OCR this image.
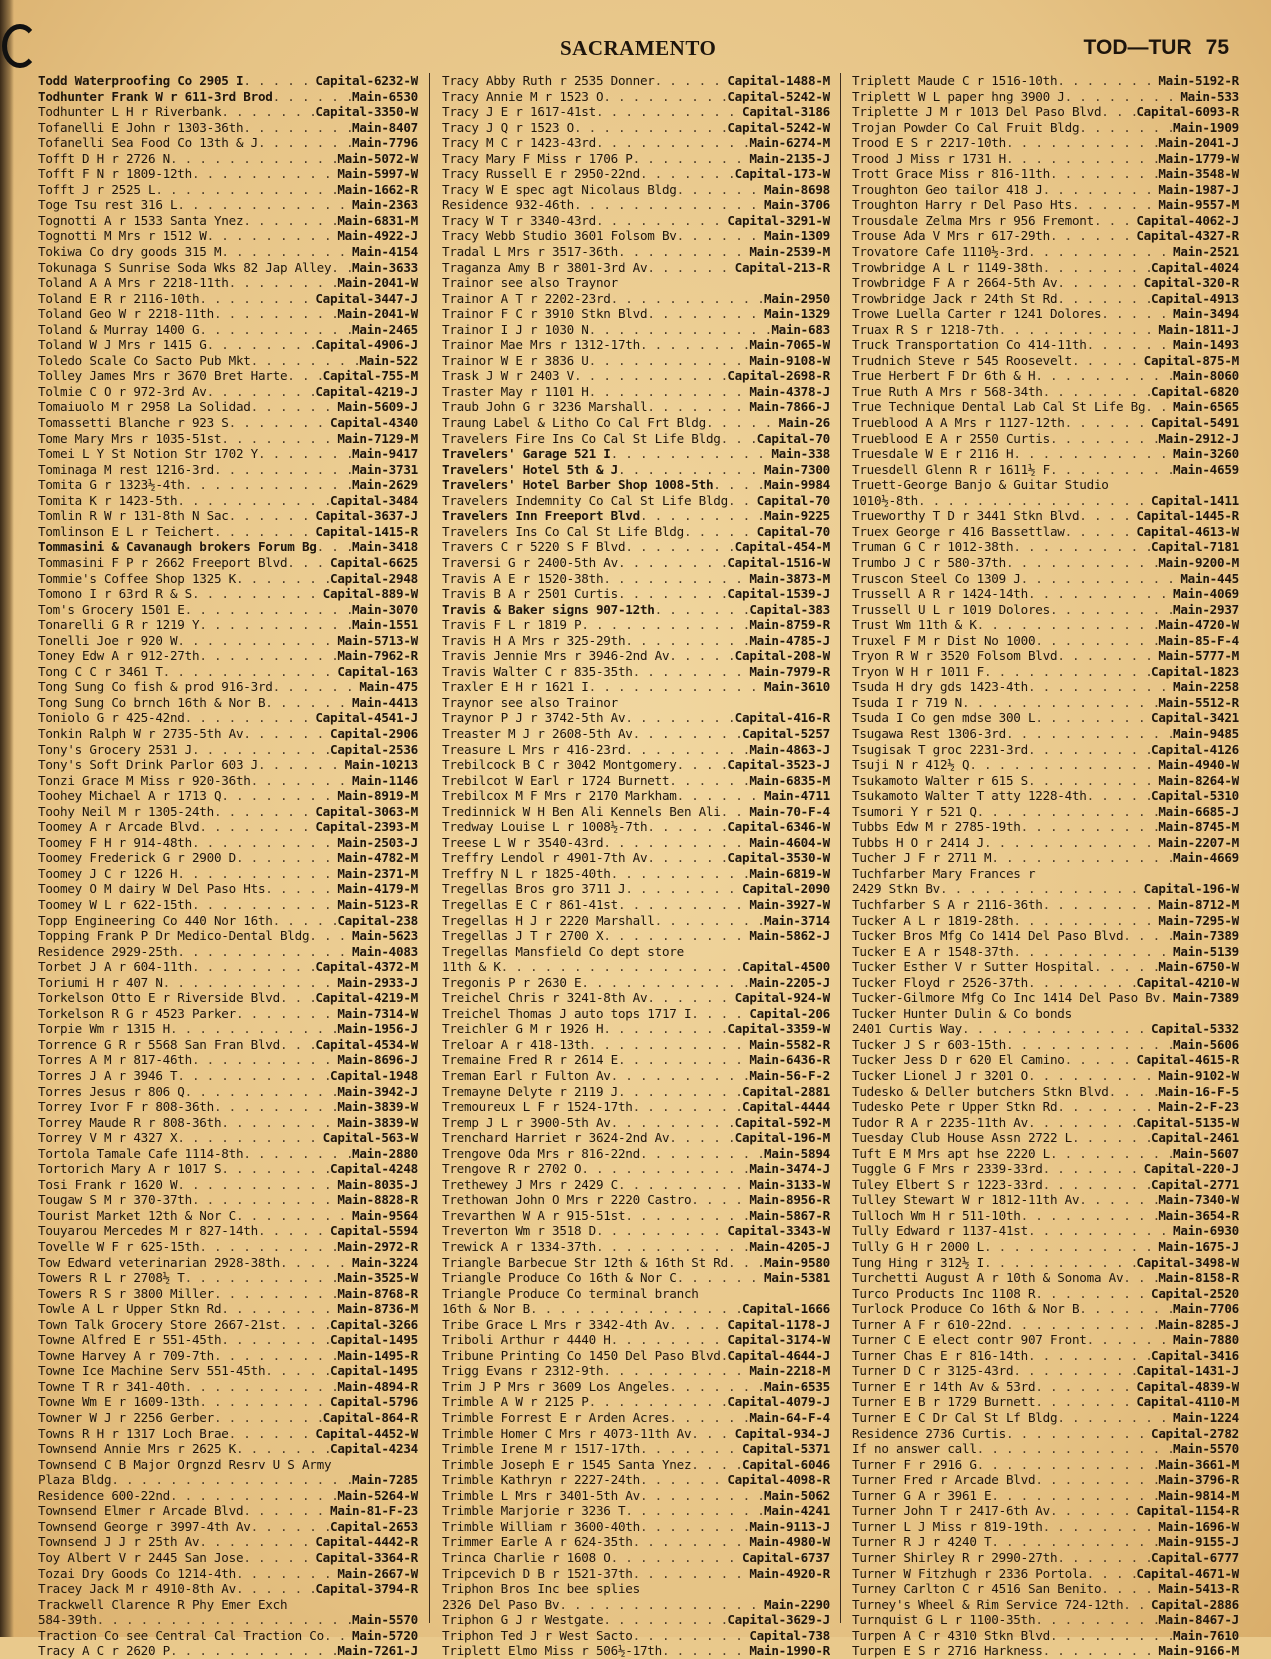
SACRAMENTO	TOD—TUR 75
Todd Waterproofing Co 2905 I . . .	Capital-6232-W
Todhunter Frank W r 611-3rd Brod . . .	Main-6530
Todhunter L H r Riverbank . . .	Capital-3350-W
Tofanelli E John r 1303-36th . . .	Main-8407
Tofanelli Sea Food Co 13th & J . . .	Main-7796
Tofft D H r 2726 N . . .	Main-5072-W
Tofft F N r 1809-12th . . .	Main-5997-W
Tofft J r 2525 L . . .	Main-1662-R
Toge Tsu rest 316 L . . .	Main-2363
Tognotti A r 1533 Santa Ynez . . .	Main-6831-M
Tognotti M Mrs r 1512 W . . .	Main-4922-J
Tokiwa Co dry goods 315 M . . .	Main-4154
Tokunaga S Sunrise Soda Wks 82 Jap Alley . . . Main-3633
Toland A A Mrs r 2218-11th . . .	Main-2041-W
Toland E R r 2116-10th . . .	Capital-3447-J
Toland Geo W r 2218-11th . . .	Main-2041-W
Toland & Murray 1400 G . . .	Main-2465
Toland W J Mrs r 1415 G . . .	Capital-4906-J
Toledo Scale Co Sacto Pub Mkt . . .	Main-522
Tolley James Mrs r 3670 Bret Harte . . .	Capital-755-M
Tolmie C O r 972-3rd Av . . .	Capital-4219-J
Tomaiuolo M r 2958 La Solidad . . .	Main-5609-J
Tomassetti Blanche r 923 S . . .	Capital-4340
Tome Mary Mrs r 1035-51st . . .	Main-7129-M
Tomei L Y St Notion Str 1702 Y . . .	Main-9417
Tominaga M rest 1216-3rd . . .	Main-3731
Tomita G r 1323½-4th . . .	Main-2629
Tomita K r 1423-5th . . .	Capital-3484
Tomlin R W r 131-8th N Sac . . .	Capital-3637-J
Tomlinson E L r Teichert . . .	Capital-1415-R
Tommasini & Cavanaugh brokers Forum Bg . . .	Main-3418
Tommasini F P r 2662 Freeport Blvd . . .	Capital-6625
Tommie's Coffee Shop 1325 K . . .	Capital-2948
Tomono I r 63rd R & S . . .	Capital-889-W
Tom's Grocery 1501 E . . .	Main-3070
Tonarelli G R r 1219 Y . . .	Main-1551
Tonelli Joe r 920 W . . .	Main-5713-W
Toney Edw A r 912-27th . . .	Main-7962-R
Tong C C r 3461 T . . .	Capital-163
Tong Sung Co fish & prod 916-3rd . . .	Main-475
Tong Sung Co brnch 16th & Nor B . . .	Main-4413
Toniolo G r 425-42nd . . .	Capital-4541-J
Tonkin Ralph W r 2735-5th Av . . .	Capital-2906
Tony's Grocery 2531 J . . .	Capital-2536
Tony's Soft Drink Parlor 603 J . . .	Main-10213
Tonzi Grace M Miss r 920-36th . . .	Main-1146
Toohey Michael A r 1713 Q . . .	Main-8919-M
Toohy Neil M r 1305-24th . . .	Capital-3063-M
Toomey A r Arcade Blvd . . .	Capital-2393-M
Toomey F H r 914-48th . . .	Main-2503-J
Toomey Frederick G r 2900 D . . .	Main-4782-M
Toomey J C r 1226 H . . .	Main-2371-M
Toomey O M dairy W Del Paso Hts . . .	Main-4179-M
Toomey W L r 622-15th . . .	Main-5123-R
Topp Engineering Co 440 Nor 16th . . .	Capital-238
Topping Frank P Dr Medico-Dental Bldg . . .	Main-5623
Residence 2929-25th . . .	Main-4083
Torbet J A r 604-11th . . .	Capital-4372-M
Toriumi H r 407 N . . .	Main-2933-J
Torkelson Otto E r Riverside Blvd . . .	Capital-4219-M
Torkelson R G r 4523 Parker . . .	Main-7314-W
Torpie Wm r 1315 H . . .	Main-1956-J
Torrence G R r 5568 San Fran Blvd . . .	Capital-4534-W
Torres A M r 817-46th . . .	Main-8696-J
Torres J A r 3946 T . . .	Capital-1948
Torres Jesus r 806 Q . . .	Main-3942-J
Torrey Ivor F r 808-36th . . .	Main-3839-W
Torrey Maude R r 808-36th . . .	Main-3839-W
Torrey V M r 4327 X . . .	Capital-563-W
Tortola Tamale Cafe 1114-8th . . .	Main-2880
Tortorich Mary A r 1017 S . . .	Capital-4248
Tosi Frank r 1620 W . . .	Main-8035-J
Tougaw S M r 370-37th . . .	Main-8828-R
Tourist Market 12th & Nor C . . .	Main-9564
Touyarou Mercedes M r 827-14th . . .	Capital-5594
Tovelle W F r 625-15th . . .	Main-2972-R
Tow Edward veterinarian 2928-38th . . .	Main-3224
Towers R L r 2708½ T . . .	Main-3525-W
Towers R S r 3800 Miller . . .	Main-8768-R
Towle A L r Upper Stkn Rd . . .	Main-8736-M
Town Talk Grocery Store 2667-21st . . .	Capital-3266
Towne Alfred E r 551-45th . . .	Capital-1495
Towne Harvey A r 709-7th . . .	Main-1495-R
Towne Ice Machine Serv 551-45th . . .	Capital-1495
Towne T R r 341-40th . . .	Main-4894-R
Towne Wm E r 1609-13th . . .	Capital-5796
Towner W J r 2256 Gerber . . .	Capital-864-R
Towns R H r 1317 Loch Brae . . .	Capital-4452-W
Townsend Annie Mrs r 2625 K . . .	Capital-4234
Townsend C B Major Orgnzd Resrv U S Army
Plaza Bldg . . .	Main-7285
Residence 600-22nd . . .	Main-5264-W
Townsend Elmer r Arcade Blvd . . .	Main-81-F-23
Townsend George r 3997-4th Av . . .	Capital-2653
Townsend J J r 25th Av . . .	Capital-4442-R
Toy Albert V r 2445 San Jose . . .	Capital-3364-R
Tozai Dry Goods Co 1214-4th . . .	Main-2667-W
Tracey Jack M r 4910-8th Av . . .	Capital-3794-R
Trackwell Clarence R Phy Emer Exch
584-39th . . .	Main-5570
Traction Co see Central Cal Traction Co . . . Main-5720
Tracy A C r 2620 P . . .	Main-7261-J
Tracy Abby Ruth r 2535 Donner . . .	Capital-1488-M
Tracy Annie M r 1523 O . . .	Capital-5242-W
Tracy J E r 1617-41st . . .	Capital-3186
Tracy J Q r 1523 O . . .	Capital-5242-W
Tracy M C r 1423-43rd . . .	Main-6274-M
Tracy Mary F Miss r 1706 P . . .	Main-2135-J
Tracy Russell E r 2950-22nd . . .	Capital-173-W
Tracy W E spec agt Nicolaus Bldg . . .	Main-8698
Residence 932-46th . . .	Main-3706
Tracy W T r 3340-43rd . . .	Capital-3291-W
Tracy Webb Studio 3601 Folsom Bv . . .	Main-1309
Tradal L Mrs r 3517-36th . . .	Main-2539-M
Traganza Amy B r 3801-3rd Av . . .	Capital-213-R
Trainor see also Traynor
Trainor A T r 2202-23rd . . .	Main-2950
Trainor F C r 3910 Stkn Blvd . . .	Main-1329
Trainor I J r 1030 N . . .	Main-683
Trainor Mae Mrs r 1312-17th . . .	Main-7065-W
Trainor W E r 3836 U . . .	Main-9108-W
Trask J W r 2403 V . . .	Capital-2698-R
Traster May r 1101 H . . .	Main-4378-J
Traub John G r 3236 Marshall . . .	Main-7866-J
Traung Label & Litho Co Cal Frt Bldg . . .	Main-26
Travelers Fire Ins Co Cal St Life Bldg . . .	Capital-70
Travelers' Garage 521 I . . .	Main-338
Travelers' Hotel 5th & J . . .	Main-7300
Travelers' Hotel Barber Shop 1008-5th . . .	Main-9984
Travelers Indemnity Co Cal St Life Bldg . . . Capital-70
Travelers Inn Freeport Blvd . . .	Main-9225
Travelers Ins Co Cal St Life Bldg . . .	Capital-70
Travers C r 5220 S F Blvd . . .	Capital-454-M
Traversi G r 2400-5th Av . . .	Capital-1516-W
Travis A E r 1520-38th . . .	Main-3873-M
Travis B A r 2501 Curtis . . .	Capital-1539-J
Travis & Baker signs 907-12th . . .	Capital-383
Travis F L r 1819 P . . .	Main-8759-R
Travis H A Mrs r 325-29th . . .	Main-4785-J
Travis Jennie Mrs r 3946-2nd Av . . .	Capital-208-W
Travis Walter C r 835-35th . . .	Main-7979-R
Traxler E H r 1621 I . . .	Main-3610
Traynor see also Trainor
Traynor P J r 3742-5th Av . . .	Capital-416-R
Treaster M J r 2608-5th Av . . .	Capital-5257
Treasure L Mrs r 416-23rd . . .	Main-4863-J
Trebilcock B C r 3042 Montgomery . . .	Capital-3523-J
Trebilcot W Earl r 1724 Burnett . . .	Main-6835-M
Trebilcox M F Mrs r 2170 Markham . . .	Main-4711
Tredinnick W H Ben Ali Kennels Ben Ali . . . Main-70-F-4
Tredway Louise L r 1008½-7th . . .	Capital-6346-W
Treese L W r 3540-43rd . . .	Main-4604-W
Treffry Lendol r 4901-7th Av . . .	Capital-3530-W
Treffry N L r 1825-40th . . .	Main-6819-W
Tregellas Bros gro 3711 J . . .	Capital-2090
Tregellas E C r 861-41st . . .	Main-3927-W
Tregellas H J r 2220 Marshall . . .	Main-3714
Tregellas J T r 2700 X . . .	Main-5862-J
Tregellas Mansfield Co dept store
11th & K . . .	Capital-4500
Tregonis P r 2630 E . . .	Main-2205-J
Treichel Chris r 3241-8th Av . . .	Capital-924-W
Treichel Thomas J auto tops 1717 I . . .	Capital-206
Treichler G M r 1926 H . . .	Capital-3359-W
Treloar A r 418-13th . . .	Main-5582-R
Tremaine Fred R r 2614 E . . .	Main-6436-R
Treman Earl r Fulton Av . . .	Main-56-F-2
Tremayne Delyte r 2119 J . . .	Capital-2881
Tremoureux L F r 1524-17th . . .	Capital-4444
Tremp J L r 3900-5th Av . . .	Capital-592-M
Trenchard Harriet r 3624-2nd Av . . .	Capital-196-M
Trengove Oda Mrs r 816-22nd . . .	Main-5894
Trengove R r 2702 O . . .	Main-3474-J
Trethewey J Mrs r 2429 C . . .	Main-3133-W
Trethowan John O Mrs r 2220 Castro . . .	Main-8956-R
Trevarthen W A r 915-51st . . .	Main-5867-R
Treverton Wm r 3518 D . . .	Capital-3343-W
Trewick A r 1334-37th . . .	Main-4205-J
Triangle Barbecue Str 12th & 16th St Rd . . .	Main-9580
Triangle Produce Co 16th & Nor C . . .	Main-5381
Triangle Produce Co terminal branch
16th & Nor B . . .	Capital-1666
Tribe Grace L Mrs r 3342-4th Av . . .	Capital-1178-J
Triboli Arthur r 4440 H . . .	Capital-3174-W
Tribune Printing Co 1450 Del Paso Blvd . . . Capital-4644-J
Trigg Evans r 2312-9th . . .	Main-2218-M
Trim J P Mrs r 3609 Los Angeles . . .	Main-6535
Trimble A W r 2125 P . . .	Capital-4079-J
Trimble Forrest E r Arden Acres . . .	Main-64-F-4
Trimble Homer C Mrs r 4073-11th Av . . .	Capital-934-J
Trimble Irene M r 1517-17th . . .	Capital-5371
Trimble Joseph E r 1545 Santa Ynez . . .	Capital-6046
Trimble Kathryn r 2227-24th . . .	Capital-4098-R
Trimble L Mrs r 3401-5th Av . . .	Main-5062
Trimble Marjorie r 3236 T . . .	Main-4241
Trimble William r 3600-40th . . .	Main-9113-J
Trimmer Earle A r 624-35th . . .	Main-4980-W
Trinca Charlie r 1608 O . . .	Capital-6737
Tripcevich D B r 1521-37th . . .	Main-4920-R
Triphon Bros Inc bee splies
2326 Del Paso Bv . . .	Main-2290
Triphon G J r Westgate . . .	Capital-3629-J
Triphon Ted J r West Sacto . . .	Capital-738
Triplett Elmo Miss r 506½-17th . . .	Main-1990-R
Triplett Maude C r 1516-10th . . .	Main-5192-R
Triplett W L paper hng 3900 J . . .	Main-533
Triplette J M r 1013 Del Paso Blvd . . .	Capital-6093-R
Trojan Powder Co Cal Fruit Bldg . . .	Main-1909
Trood E S r 2217-10th . . .	Main-2041-J
Trood J Miss r 1731 H . . .	Main-1779-W
Trott Grace Miss r 816-11th . . .	Main-3548-W
Troughton Geo tailor 418 J . . .	Main-1987-J
Troughton Harry r Del Paso Hts . . .	Main-9557-M
Trousdale Zelma Mrs r 956 Fremont . . .	Capital-4062-J
Trouse Ada V Mrs r 617-29th . . .	Capital-4327-R
Trovatore Cafe 1110½-3rd . . .	Main-2521
Trowbridge A L r 1149-38th . . .	Capital-4024
Trowbridge F A r 2664-5th Av . . .	Capital-320-R
Trowbridge Jack r 24th St Rd . . .	Capital-4913
Trowe Luella Carter r 1241 Dolores . . .	Main-3494
Truax R S r 1218-7th . . .	Main-1811-J
Truck Transportation Co 414-11th . . .	Main-1493
Trudnich Steve r 545 Roosevelt . . .	Capital-875-M
True Herbert F Dr 6th & H . . .	Main-8060
True Ruth A Mrs r 568-34th . . .	Capital-6820
True Technique Dental Lab Cal St Life Bg . . . Main-6565
Trueblood A A Mrs r 1127-12th . . .	Capital-5491
Trueblood E A r 2550 Curtis . . .	Main-2912-J
Truesdale W E r 2116 H . . .	Main-3260
Truesdell Glenn R r 1611½ F . . .	Main-4659
Truett-George Banjo & Guitar Studio
1010½-8th . . .	Capital-1411
Trueworthy T D r 3441 Stkn Blvd . . .	Capital-1445-R
Truex George r 416 Bassettlaw . . .	Capital-4613-W
Truman G C r 1012-38th . . .	Capital-7181
Trumbo J C r 580-37th . . .	Main-9200-M
Truscon Steel Co 1309 J . . .	Main-445
Trussell A R r 1424-14th . . .	Main-4069
Trussell U L r 1019 Dolores . . .	Main-2937
Trust Wm 11th & K . . .	Main-4720-W
Truxel F M r Dist No 1000 . . .	Main-85-F-4
Tryon R W r 3520 Folsom Blvd . . .	Main-5777-M
Tryon W H r 1011 F . . .	Capital-1823
Tsuda H dry gds 1423-4th . . .	Main-2258
Tsuda I r 719 N . . .	Main-5512-R
Tsuda I Co gen mdse 300 L . . .	Capital-3421
Tsugawa Rest 1306-3rd . . .	Main-9485
Tsugisak T groc 2231-3rd . . .	Capital-4126
Tsuji N r 412½ Q . . .	Main-4940-W
Tsukamoto Walter r 615 S . . .	Main-8264-W
Tsukamoto Walter T atty 1228-4th . . .	Capital-5310
Tsumori Y r 521 Q . . .	Main-6685-J
Tubbs Edw M r 2785-19th . . .	Main-8745-M
Tubbs H O r 2414 J . . .	Main-2207-M
Tucher J F r 2711 M . . .	Main-4669
Tuchfarber Mary Frances r
2429 Stkn Bv . . .	Capital-196-W
Tuchfarber S A r 2116-36th . . .	Main-8712-M
Tucker A L r 1819-28th . . .	Main-7295-W
Tucker Bros Mfg Co 1414 Del Paso Blvd . . .	Main-7389
Tucker E A r 1548-37th . . .	Main-5139
Tucker Esther V r Sutter Hospital . . .	Main-6750-W
Tucker Floyd r 2526-37th . . .	Capital-4210-W
Tucker-Gilmore Mfg Co Inc 1414 Del Paso Bv . . . Main-7389
Tucker Hunter Dulin & Co bonds
2401 Curtis Way . . .	Capital-5332
Tucker J S r 603-15th . . .	Main-5606
Tucker Jess D r 620 El Camino . . .	Capital-4615-R
Tucker Lionel J r 3201 O . . .	Main-9102-W
Tudesko & Deller butchers Stkn Blvd . . .	Main-16-F-5
Tudesko Pete r Upper Stkn Rd . . .	Main-2-F-23
Tudor R A r 2235-11th Av . . .	Capital-5135-W
Tuesday Club House Assn 2722 L . . .	Capital-2461
Tuft E M Mrs apt hse 2220 L . . .	Main-5607
Tuggle G F Mrs r 2339-33rd . . .	Capital-220-J
Tuley Elbert S r 1223-33rd . . .	Capital-2771
Tulley Stewart W r 1812-11th Av . . .	Main-7340-W
Tulloch Wm H r 511-10th . . .	Main-3654-R
Tully Edward r 1137-41st . . .	Main-6930
Tully G H r 2000 L . . .	Main-1675-J
Tung Hing r 312½ I . . .	Capital-3498-W
Turchetti August A r 10th & Sonoma Av . . .	Main-8158-R
Turco Products Inc 1108 R . . .	Capital-2520
Turlock Produce Co 16th & Nor B . . .	Main-7706
Turner A F r 610-22nd . . .	Main-8285-J
Turner C E elect contr 907 Front . . .	Main-7880
Turner Chas E r 816-14th . . .	Capital-3416
Turner D C r 3125-43rd . . .	Capital-1431-J
Turner E r 14th Av & 53rd . . .	Capital-4839-W
Turner E B r 1729 Burnett . . .	Capital-4110-M
Turner E C Dr Cal St Lf Bldg . . .	Main-1224
Residence 2736 Curtis . . .	Capital-2782
If no answer call . . .	Main-5570
Turner F r 2916 G . . .	Main-3661-M
Turner Fred r Arcade Blvd . . .	Main-3796-R
Turner G A r 3961 E . . .	Main-9814-M
Turner John T r 2417-6th Av . . .	Capital-1154-R
Turner L J Miss r 819-19th . . .	Main-1696-W
Turner R J r 4240 T . . .	Main-9155-J
Turner Shirley R r 2990-27th . . .	Capital-6777
Turner W Fitzhugh r 2336 Portola . . .	Capital-4671-W
Turney Carlton C r 4516 San Benito . . .	Main-5413-R
Turney's Wheel & Rim Service 724-12th . . . Capital-2886
Turnquist G L r 1100-35th . . .	Main-8467-J
Turpen A C r 4310 Stkn Blvd . . .	Main-7610
Turpen E S r 2716 Harkness . . .	Main-9166-M
